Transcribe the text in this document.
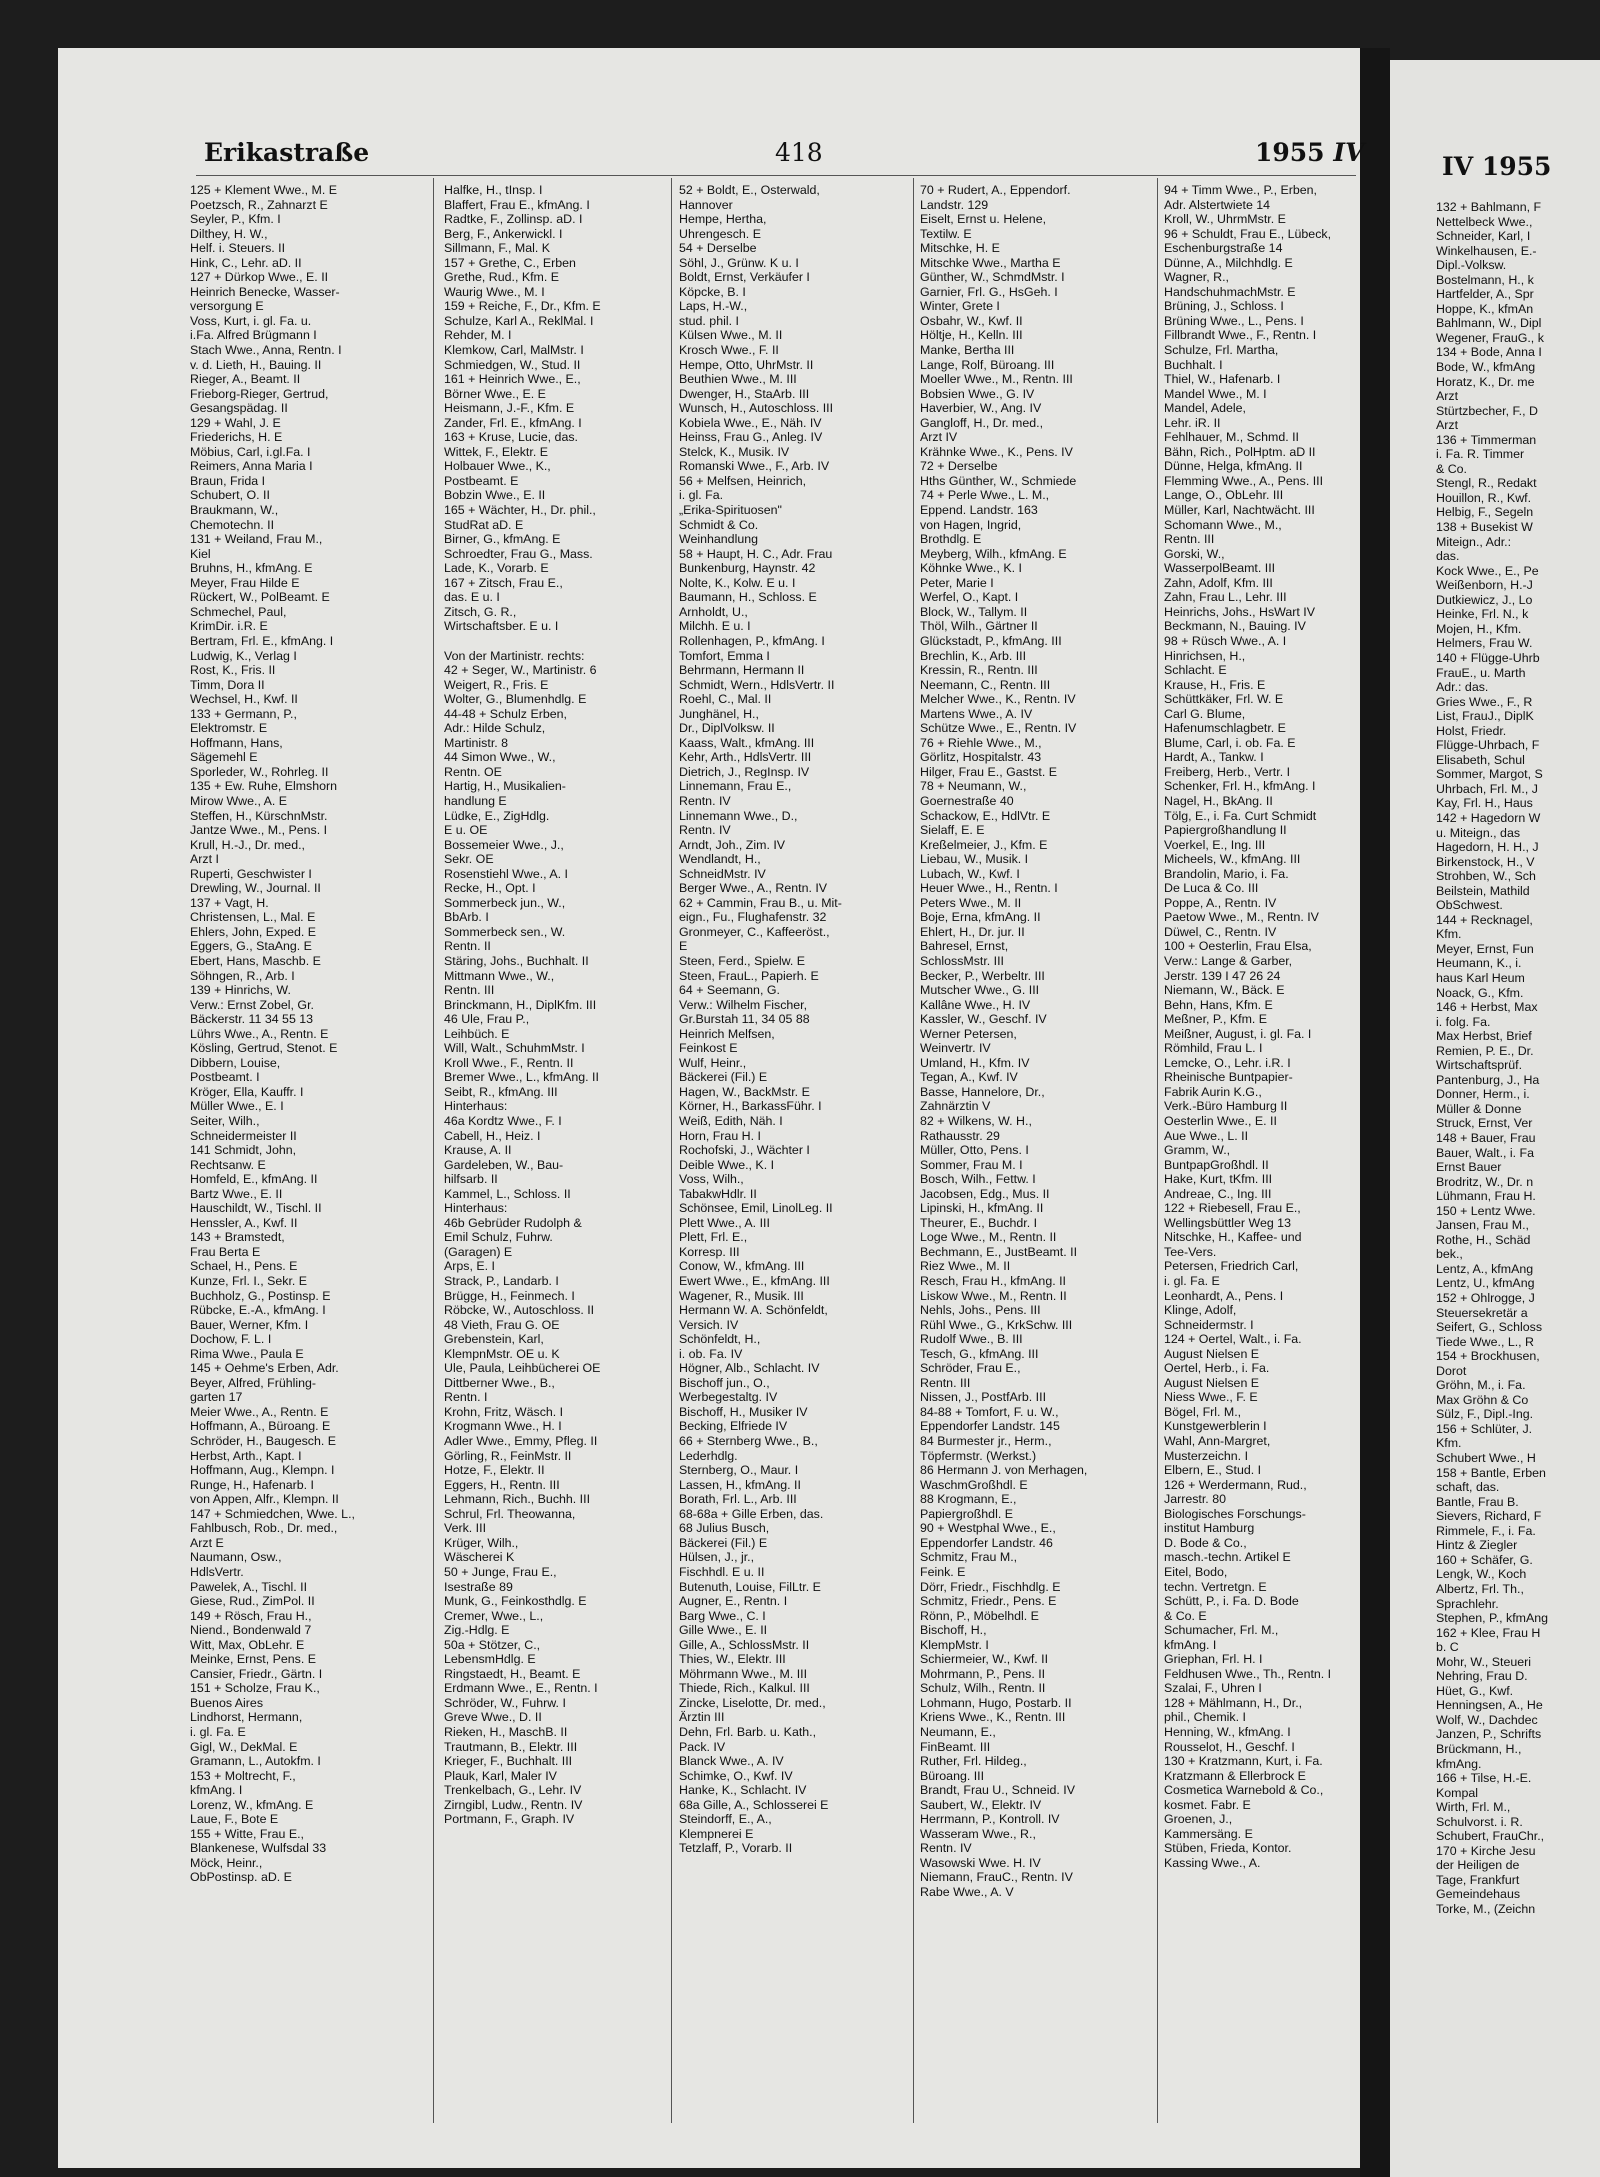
IV 1955
132 + Bahlmann, F
Nettelbeck Wwe.,
Schneider, Karl, I
Winkelhausen, E.-
Dipl.-Volksw.
Bostelmann, H., k
Hartfelder, A., Spr
Hoppe, K., kfmAn
Bahlmann, W., Dipl
Wegener, FrauG., k
134 + Bode, Anna I
Bode, W., kfmAng
Horatz, K., Dr. me
Arzt
Stürtzbecher, F., D
Arzt
136 + Timmerman
i. Fa. R. Timmer
& Co.
Stengl, R., Redakt
Houillon, R., Kwf.
Helbig, F., Segeln
138 + Busekist W
Miteign., Adr.:
das.
Kock Wwe., E., Pe
Weißenborn, H.-J
Dutkiewicz, J., Lo
Heinke, Frl. N., k
Mojen, H., Kfm.
Helmers, Frau W.
140 + Flügge-Uhrb
FrauE., u. Marth
Adr.: das.
Gries Wwe., F., R
List, FrauJ., DiplK
Holst, Friedr.
Flügge-Uhrbach, F
Elisabeth, Schul
Sommer, Margot, S
Uhrbach, Frl. M., J
Kay, Frl. H., Haus
142 + Hagedorn W
u. Miteign., das
Hagedorn, H. H., J
Birkenstock, H., V
Strohben, W., Sch
Beilstein, Mathild
ObSchwest.
144 + Recknagel,
Kfm.
Meyer, Ernst, Fun
Heumann, K., i.
haus Karl Heum
Noack, G., Kfm.
146 + Herbst, Max
i. folg. Fa.
Max Herbst, Brief
Remien, P. E., Dr.
Wirtschaftsprüf.
Pantenburg, J., Ha
Donner, Herm., i.
Müller & Donne
Struck, Ernst, Ver
148 + Bauer, Frau
Bauer, Walt., i. Fa
Ernst Bauer
Brodritz, W., Dr. n
Lühmann, Frau H.
150 + Lentz Wwe.
Jansen, Frau M.,
Rothe, H., Schäd
bek.,
Lentz, A., kfmAng
Lentz, U., kfmAng
152 + Ohlrogge, J
Steuersekretär a
Seifert, G., Schloss
Tiede Wwe., L., R
154 + Brockhusen,
Dorot
Gröhn, M., i. Fa.
Max Gröhn & Co
Sülz, F., Dipl.-Ing.
156 + Schlüter, J.
Kfm.
Schubert Wwe., H
158 + Bantle, Erben
schaft, das.
Bantle, Frau B.
Sievers, Richard, F
Rimmele, F., i. Fa.
Hintz & Ziegler
160 + Schäfer, G.
Lengk, W., Koch
Albertz, Frl. Th.,
Sprachlehr.
Stephen, P., kfmAng
162 + Klee, Frau H
b. C
Mohr, W., Steueri
Nehring, Frau D.
Hüet, G., Kwf.
Henningsen, A., He
Wolf, W., Dachdec
Janzen, P., Schrifts
Brückmann, H.,
kfmAng.
166 + Tilse, H.-E.
Kompal
Wirth, Frl. M.,
Schulvorst. i. R.
Schubert, FrauChr.,
170 + Kirche Jesu
der Heiligen de
Tage, Frankfurt
Gemeindehaus
Torke, M., (Zeichn
Erikastraße	418	1955 IV
125 + Klement Wwe., M. E
Poetzsch, R., Zahnarzt E
Seyler, P., Kfm. I
Dilthey, H. W.,
Helf. i. Steuers. II
Hink, C., Lehr. aD. II
127 + Dürkop Wwe., E. II
Heinrich Benecke, Wasser-
versorgung E
Voss, Kurt, i. gl. Fa. u.
i.Fa. Alfred Brügmann I
Stach Wwe., Anna, Rentn. I
v. d. Lieth, H., Bauing. II
Rieger, A., Beamt. II
Frieborg-Rieger, Gertrud,
Gesangspädag. II
129 + Wahl, J. E
Friederichs, H. E
Möbius, Carl, i.gl.Fa. I
Reimers, Anna Maria I
Braun, Frida I
Schubert, O. II
Braukmann, W.,
Chemotechn. II
131 + Weiland, Frau M.,
Kiel
Bruhns, H., kfmAng. E
Meyer, Frau Hilde E
Rückert, W., PolBeamt. E
Schmechel, Paul,
KrimDir. i.R. E
Bertram, Frl. E., kfmAng. I
Ludwig, K., Verlag I
Rost, K., Fris. II
Timm, Dora II
Wechsel, H., Kwf. II
133 + Germann, P.,
Elektromstr. E
Hoffmann, Hans,
Sägemehl E
Sporleder, W., Rohrleg. II
135 + Ew. Ruhe, Elmshorn
Mirow Wwe., A. E
Steffen, H., KürschnMstr.
Jantze Wwe., M., Pens. I
Krull, H.-J., Dr. med.,
Arzt I
Ruperti, Geschwister I
Drewling, W., Journal. II
137 + Vagt, H.
Christensen, L., Mal. E
Ehlers, John, Exped. E
Eggers, G., StaAng. E
Ebert, Hans, Maschb. E
Söhngen, R., Arb. I
139 + Hinrichs, W.
Verw.: Ernst Zobel, Gr.
Bäckerstr. 11 34 55 13
Lührs Wwe., A., Rentn. E
Kösling, Gertrud, Stenot. E
Dibbern, Louise,
Postbeamt. I
Kröger, Ella, Kauffr. I
Müller Wwe., E. I
Seiter, Wilh.,
Schneidermeister II
141 Schmidt, John,
Rechtsanw. E
Homfeld, E., kfmAng. II
Bartz Wwe., E. II
Hauschildt, W., Tischl. II
Henssler, A., Kwf. II
143 + Bramstedt,
Frau Berta E
Schael, H., Pens. E
Kunze, Frl. I., Sekr. E
Buchholz, G., Postinsp. E
Rübcke, E.-A., kfmAng. I
Bauer, Werner, Kfm. I
Dochow, F. L. I
Rima Wwe., Paula E
145 + Oehme's Erben, Adr.
Beyer, Alfred, Frühling-
garten 17
Meier Wwe., A., Rentn. E
Hoffmann, A., Büroang. E
Schröder, H., Baugesch. E
Herbst, Arth., Kapt. I
Hoffmann, Aug., Klempn. I
Runge, H., Hafenarb. I
von Appen, Alfr., Klempn. II
147 + Schmiedchen, Wwe. L.,
Fahlbusch, Rob., Dr. med.,
Arzt E
Naumann, Osw.,
HdlsVertr.
Pawelek, A., Tischl. II
Giese, Rud., ZimPol. II
149 + Rösch, Frau H.,
Niend., Bondenwald 7
Witt, Max, ObLehr. E
Meinke, Ernst, Pens. E
Cansier, Friedr., Gärtn. I
151 + Scholze, Frau K.,
Buenos Aires
Lindhorst, Hermann,
i. gl. Fa. E
Gigl, W., DekMal. E
Gramann, L., Autokfm. I
153 + Moltrecht, F.,
kfmAng. I
Lorenz, W., kfmAng. E
Laue, F., Bote E
155 + Witte, Frau E.,
Blankenese, Wulfsdal 33
Möck, Heinr.,
ObPostinsp. aD. E
Halfke, H., tInsp. I
Blaffert, Frau E., kfmAng. I
Radtke, F., Zollinsp. aD. I
Berg, F., Ankerwickl. I
Sillmann, F., Mal. K
157 + Grethe, C., Erben
Grethe, Rud., Kfm. E
Waurig Wwe., M. I
159 + Reiche, F., Dr., Kfm. E
Schulze, Karl A., ReklMal. I
Rehder, M. I
Klemkow, Carl, MalMstr. I
Schmiedgen, W., Stud. II
161 + Heinrich Wwe., E.,
Börner Wwe., E. E
Heismann, J.-F., Kfm. E
Zander, Frl. E., kfmAng. I
163 + Kruse, Lucie, das.
Wittek, F., Elektr. E
Holbauer Wwe., K.,
Postbeamt. E
Bobzin Wwe., E. II
165 + Wächter, H., Dr. phil.,
StudRat aD. E
Birner, G., kfmAng. E
Schroedter, Frau G., Mass.
Lade, K., Vorarb. E
167 + Zitsch, Frau E.,
das. E u. I
Zitsch, G. R.,
Wirtschaftsber. E u. I

Von der Martinistr. rechts:
42 + Seger, W., Martinistr. 6
Weigert, R., Fris. E
Wolter, G., Blumenhdlg. E
44-48 + Schulz Erben,
Adr.: Hilde Schulz,
Martinistr. 8
44 Simon Wwe., W.,
Rentn. OE
Hartig, H., Musikalien-
handlung E
Lüdke, E., ZigHdlg.
E u. OE
Bossemeier Wwe., J.,
Sekr. OE
Rosenstiehl Wwe., A. I
Recke, H., Opt. I
Sommerbeck jun., W.,
BbArb. I
Sommerbeck sen., W.
Rentn. II
Stäring, Johs., Buchhalt. II
Mittmann Wwe., W.,
Rentn. III
Brinckmann, H., DiplKfm. III
46 Ule, Frau P.,
Leihbüch. E
Will, Walt., SchuhmMstr. I
Kroll Wwe., F., Rentn. II
Bremer Wwe., L., kfmAng. II
Seibt, R., kfmAng. III
Hinterhaus:
46a Kordtz Wwe., F. I
Cabell, H., Heiz. I
Krause, A. II
Gardeleben, W., Bau-
hilfsarb. II
Kammel, L., Schloss. II
Hinterhaus:
46b Gebrüder Rudolph &
Emil Schulz, Fuhrw.
(Garagen) E
Arps, E. I
Strack, P., Landarb. I
Brügge, H., Feinmech. I
Röbcke, W., Autoschloss. II
48 Vieth, Frau G. OE
Grebenstein, Karl,
KlempnMstr. OE u. K
Ule, Paula, Leihbücherei OE
Dittberner Wwe., B.,
Rentn. I
Krohn, Fritz, Wäsch. I
Krogmann Wwe., H. I
Adler Wwe., Emmy, Pfleg. II
Görling, R., FeinMstr. II
Hotze, F., Elektr. II
Eggers, H., Rentn. III
Lehmann, Rich., Buchh. III
Schrul, Frl. Theowanna,
Verk. III
Krüger, Wilh.,
Wäscherei K
50 + Junge, Frau E.,
Isestraße 89
Munk, G., Feinkosthdlg. E
Cremer, Wwe., L.,
Zig.-Hdlg. E
50a + Stötzer, C.,
LebensmHdlg. E
Ringstaedt, H., Beamt. E
Erdmann Wwe., E., Rentn. I
Schröder, W., Fuhrw. I
Greve Wwe., D. II
Rieken, H., MaschB. II
Trautmann, B., Elektr. III
Krieger, F., Buchhalt. III
Plauk, Karl, Maler IV
Trenkelbach, G., Lehr. IV
Zirngibl, Ludw., Rentn. IV
Portmann, F., Graph. IV
52 + Boldt, E., Osterwald,
Hannover
Hempe, Hertha,
Uhrengesch. E
54 + Derselbe
Söhl, J., Grünw. K u. I
Boldt, Ernst, Verkäufer I
Köpcke, B. I
Laps, H.-W.,
stud. phil. I
Külsen Wwe., M. II
Krosch Wwe., F. II
Hempe, Otto, UhrMstr. II
Beuthien Wwe., M. III
Dwenger, H., StaArb. III
Wunsch, H., Autoschloss. III
Kobiela Wwe., E., Näh. IV
Heinss, Frau G., Anleg. IV
Stelck, K., Musik. IV
Romanski Wwe., F., Arb. IV
56 + Melfsen, Heinrich,
i. gl. Fa.
„Erika-Spirituosen"
Schmidt & Co.
Weinhandlung
58 + Haupt, H. C., Adr. Frau
Bunkenburg, Haynstr. 42
Nolte, K., Kolw. E u. I
Baumann, H., Schloss. E
Arnholdt, U.,
Milchh. E u. I
Rollenhagen, P., kfmAng. I
Tomfort, Emma I
Behrmann, Hermann II
Schmidt, Wern., HdlsVertr. II
Roehl, C., Mal. II
Junghänel, H.,
Dr., DiplVolksw. II
Kaass, Walt., kfmAng. III
Kehr, Arth., HdlsVertr. III
Dietrich, J., RegInsp. IV
Linnemann, Frau E.,
Rentn. IV
Linnemann Wwe., D.,
Rentn. IV
Arndt, Joh., Zim. IV
Wendlandt, H.,
SchneidMstr. IV
Berger Wwe., A., Rentn. IV
62 + Cammin, Frau B., u. Mit-
eign., Fu., Flughafenstr. 32
Gronmeyer, C., Kaffeeröst.,
E
Steen, Ferd., Spielw. E
Steen, FrauL., Papierh. E
64 + Seemann, G.
Verw.: Wilhelm Fischer,
Gr.Burstah 11, 34 05 88
Heinrich Melfsen,
Feinkost E
Wulf, Heinr.,
Bäckerei (Fil.) E
Hagen, W., BackMstr. E
Körner, H., BarkassFühr. I
Weiß, Edith, Näh. I
Horn, Frau H. I
Rochofski, J., Wächter I
Deible Wwe., K. I
Voss, Wilh.,
TabakwHdlr. II
Schönsee, Emil, LinolLeg. II
Plett Wwe., A. III
Plett, Frl. E.,
Korresp. III
Conow, W., kfmAng. III
Ewert Wwe., E., kfmAng. III
Wagener, R., Musik. III
Hermann W. A. Schönfeldt,
Versich. IV
Schönfeldt, H.,
i. ob. Fa. IV
Högner, Alb., Schlacht. IV
Bischoff jun., O.,
Werbegestaltg. IV
Bischoff, H., Musiker IV
Becking, Elfriede IV
66 + Sternberg Wwe., B.,
Lederhdlg.
Sternberg, O., Maur. I
Lassen, H., kfmAng. II
Borath, Frl. L., Arb. III
68-68a + Gille Erben, das.
68 Julius Busch,
Bäckerei (Fil.) E
Hülsen, J., jr.,
Fischhdl. E u. II
Butenuth, Louise, FilLtr. E
Augner, E., Rentn. I
Barg Wwe., C. I
Gille Wwe., E. II
Gille, A., SchlossMstr. II
Thies, W., Elektr. III
Möhrmann Wwe., M. III
Thiede, Rich., Kalkul. III
Zincke, Liselotte, Dr. med.,
Ärztin III
Dehn, Frl. Barb. u. Kath.,
Pack. IV
Blanck Wwe., A. IV
Schimke, O., Kwf. IV
Hanke, K., Schlacht. IV
68a Gille, A., Schlosserei E
Steindorff, E., A.,
Klempnerei E
Tetzlaff, P., Vorarb. II
70 + Rudert, A., Eppendorf.
Landstr. 129
Eiselt, Ernst u. Helene,
Textilw. E
Mitschke, H. E
Mitschke Wwe., Martha E
Günther, W., SchmdMstr. I
Garnier, Frl. G., HsGeh. I
Winter, Grete I
Osbahr, W., Kwf. II
Höltje, H., Kelln. III
Manke, Bertha III
Lange, Rolf, Büroang. III
Moeller Wwe., M., Rentn. III
Bobsien Wwe., G. IV
Haverbier, W., Ang. IV
Gangloff, H., Dr. med.,
Arzt IV
Krähnke Wwe., K., Pens. IV
72 + Derselbe
Hths Günther, W., Schmiede
74 + Perle Wwe., L. M.,
Eppend. Landstr. 163
von Hagen, Ingrid,
Brothdlg. E
Meyberg, Wilh., kfmAng. E
Köhnke Wwe., K. I
Peter, Marie I
Werfel, O., Kapt. I
Block, W., Tallym. II
Thöl, Wilh., Gärtner II
Glückstadt, P., kfmAng. III
Brechlin, K., Arb. III
Kressin, R., Rentn. III
Neemann, C., Rentn. III
Melcher Wwe., K., Rentn. IV
Martens Wwe., A. IV
Schütze Wwe., E., Rentn. IV
76 + Riehle Wwe., M.,
Görlitz, Hospitalstr. 43
Hilger, Frau E., Gastst. E
78 + Neumann, W.,
Goernestraße 40
Schackow, E., HdlVtr. E
Sielaff, E. E
Kreßelmeier, J., Kfm. E
Liebau, W., Musik. I
Lubach, W., Kwf. I
Heuer Wwe., H., Rentn. I
Peters Wwe., M. II
Boje, Erna, kfmAng. II
Ehlert, H., Dr. jur. II
Bahresel, Ernst,
SchlossMstr. III
Becker, P., Werbeltr. III
Mutscher Wwe., G. III
Kallâne Wwe., H. IV
Kassler, W., Geschf. IV
Werner Petersen,
Weinvertr. IV
Umland, H., Kfm. IV
Tegan, A., Kwf. IV
Basse, Hannelore, Dr.,
Zahnärztin V
82 + Wilkens, W. H.,
Rathausstr. 29
Müller, Otto, Pens. I
Sommer, Frau M. I
Bosch, Wilh., Fettw. I
Jacobsen, Edg., Mus. II
Lipinski, H., kfmAng. II
Theurer, E., Buchdr. I
Loge Wwe., M., Rentn. II
Bechmann, E., JustBeamt. II
Riez Wwe., M. II
Resch, Frau H., kfmAng. II
Liskow Wwe., M., Rentn. II
Nehls, Johs., Pens. III
Rühl Wwe., G., KrkSchw. III
Rudolf Wwe., B. III
Tesch, G., kfmAng. III
Schröder, Frau E.,
Rentn. III
Nissen, J., PostfArb. III
84-88 + Tomfort, F. u. W.,
Eppendorfer Landstr. 145
84 Burmester jr., Herm.,
Töpfermstr. (Werkst.)
86 Hermann J. von Merhagen,
WaschmGroßhdl. E
88 Krogmann, E.,
Papiergroßhdl. E
90 + Westphal Wwe., E.,
Eppendorfer Landstr. 46
Schmitz, Frau M.,
Feink. E
Dörr, Friedr., Fischhdlg. E
Schmitz, Friedr., Pens. E
Rönn, P., Möbelhdl. E
Bischoff, H.,
KlempMstr. I
Schiermeier, W., Kwf. II
Mohrmann, P., Pens. II
Schulz, Wilh., Rentn. II
Lohmann, Hugo, Postarb. II
Kriens Wwe., K., Rentn. III
Neumann, E.,
FinBeamt. III
Ruther, Frl. Hildeg.,
Büroang. III
Brandt, Frau U., Schneid. IV
Saubert, W., Elektr. IV
Herrmann, P., Kontroll. IV
Wasseram Wwe., R.,
Rentn. IV
Wasowski Wwe. H. IV
Niemann, FrauC., Rentn. IV
Rabe Wwe., A. V
94 + Timm Wwe., P., Erben,
Adr. Alstertwiete 14
Kroll, W., UhrmMstr. E
96 + Schuldt, Frau E., Lübeck,
Eschenburgstraße 14
Dünne, A., Milchhdlg. E
Wagner, R.,
HandschuhmachMstr. E
Brüning, J., Schloss. I
Brüning Wwe., L., Pens. I
Fillbrandt Wwe., F., Rentn. I
Schulze, Frl. Martha,
Buchhalt. I
Thiel, W., Hafenarb. I
Mandel Wwe., M. I
Mandel, Adele,
Lehr. iR. II
Fehlhauer, M., Schmd. II
Bähn, Rich., PolHptm. aD II
Dünne, Helga, kfmAng. II
Flemming Wwe., A., Pens. III
Lange, O., ObLehr. III
Müller, Karl, Nachtwächt. III
Schomann Wwe., M.,
Rentn. III
Gorski, W.,
WasserpolBeamt. III
Zahn, Adolf, Kfm. III
Zahn, Frau L., Lehr. III
Heinrichs, Johs., HsWart IV
Beckmann, N., Bauing. IV
98 + Rüsch Wwe., A. I
Hinrichsen, H.,
Schlacht. E
Krause, H., Fris. E
Schüttkäker, Frl. W. E
Carl G. Blume,
Hafenumschlagbetr. E
Blume, Carl, i. ob. Fa. E
Hardt, A., Tankw. I
Freiberg, Herb., Vertr. I
Schenker, Frl. H., kfmAng. I
Nagel, H., BkAng. II
Tölg, E., i. Fa. Curt Schmidt
Papiergroßhandlung II
Voerkel, E., Ing. III
Micheels, W., kfmAng. III
Brandolin, Mario, i. Fa.
De Luca & Co. III
Poppe, A., Rentn. IV
Paetow Wwe., M., Rentn. IV
Düwel, C., Rentn. IV
100 + Oesterlin, Frau Elsa,
Verw.: Lange & Garber,
Jerstr. 139 I 47 26 24
Niemann, W., Bäck. E
Behn, Hans, Kfm. E
Meßner, P., Kfm. E
Meißner, August, i. gl. Fa. I
Römhild, Frau L. I
Lemcke, O., Lehr. i.R. I
Rheinische Buntpapier-
Fabrik Aurin K.G.,
Verk.-Büro Hamburg II
Oesterlin Wwe., E. II
Aue Wwe., L. II
Gramm, W.,
BuntpapGroßhdl. II
Hake, Kurt, tKfm. III
Andreae, C., Ing. III
122 + Riebesell, Frau E.,
Wellingsbüttler Weg 13
Nitschke, H., Kaffee- und
Tee-Vers.
Petersen, Friedrich Carl,
i. gl. Fa. E
Leonhardt, A., Pens. I
Klinge, Adolf,
Schneidermstr. I
124 + Oertel, Walt., i. Fa.
August Nielsen E
Oertel, Herb., i. Fa.
August Nielsen E
Niess Wwe., F. E
Bögel, Frl. M.,
Kunstgewerblerin I
Wahl, Ann-Margret,
Musterzeichn. I
Elbern, E., Stud. I
126 + Werdermann, Rud.,
Jarrestr. 80
Biologisches Forschungs-
institut Hamburg
D. Bode & Co.,
masch.-techn. Artikel E
Eitel, Bodo,
techn. Vertretgn. E
Schütt, P., i. Fa. D. Bode
& Co. E
Schumacher, Frl. M.,
kfmAng. I
Griephan, Frl. H. I
Feldhusen Wwe., Th., Rentn. I
Szalai, F., Uhren I
128 + Mählmann, H., Dr.,
phil., Chemik. I
Henning, W., kfmAng. I
Rousselot, H., Geschf. I
130 + Kratzmann, Kurt, i. Fa.
Kratzmann & Ellerbrock E
Cosmetica Warnebold & Co.,
kosmet. Fabr. E
Groenen, J.,
Kammersäng. E
Stüben, Frieda, Kontor.
Kassing Wwe., A.
